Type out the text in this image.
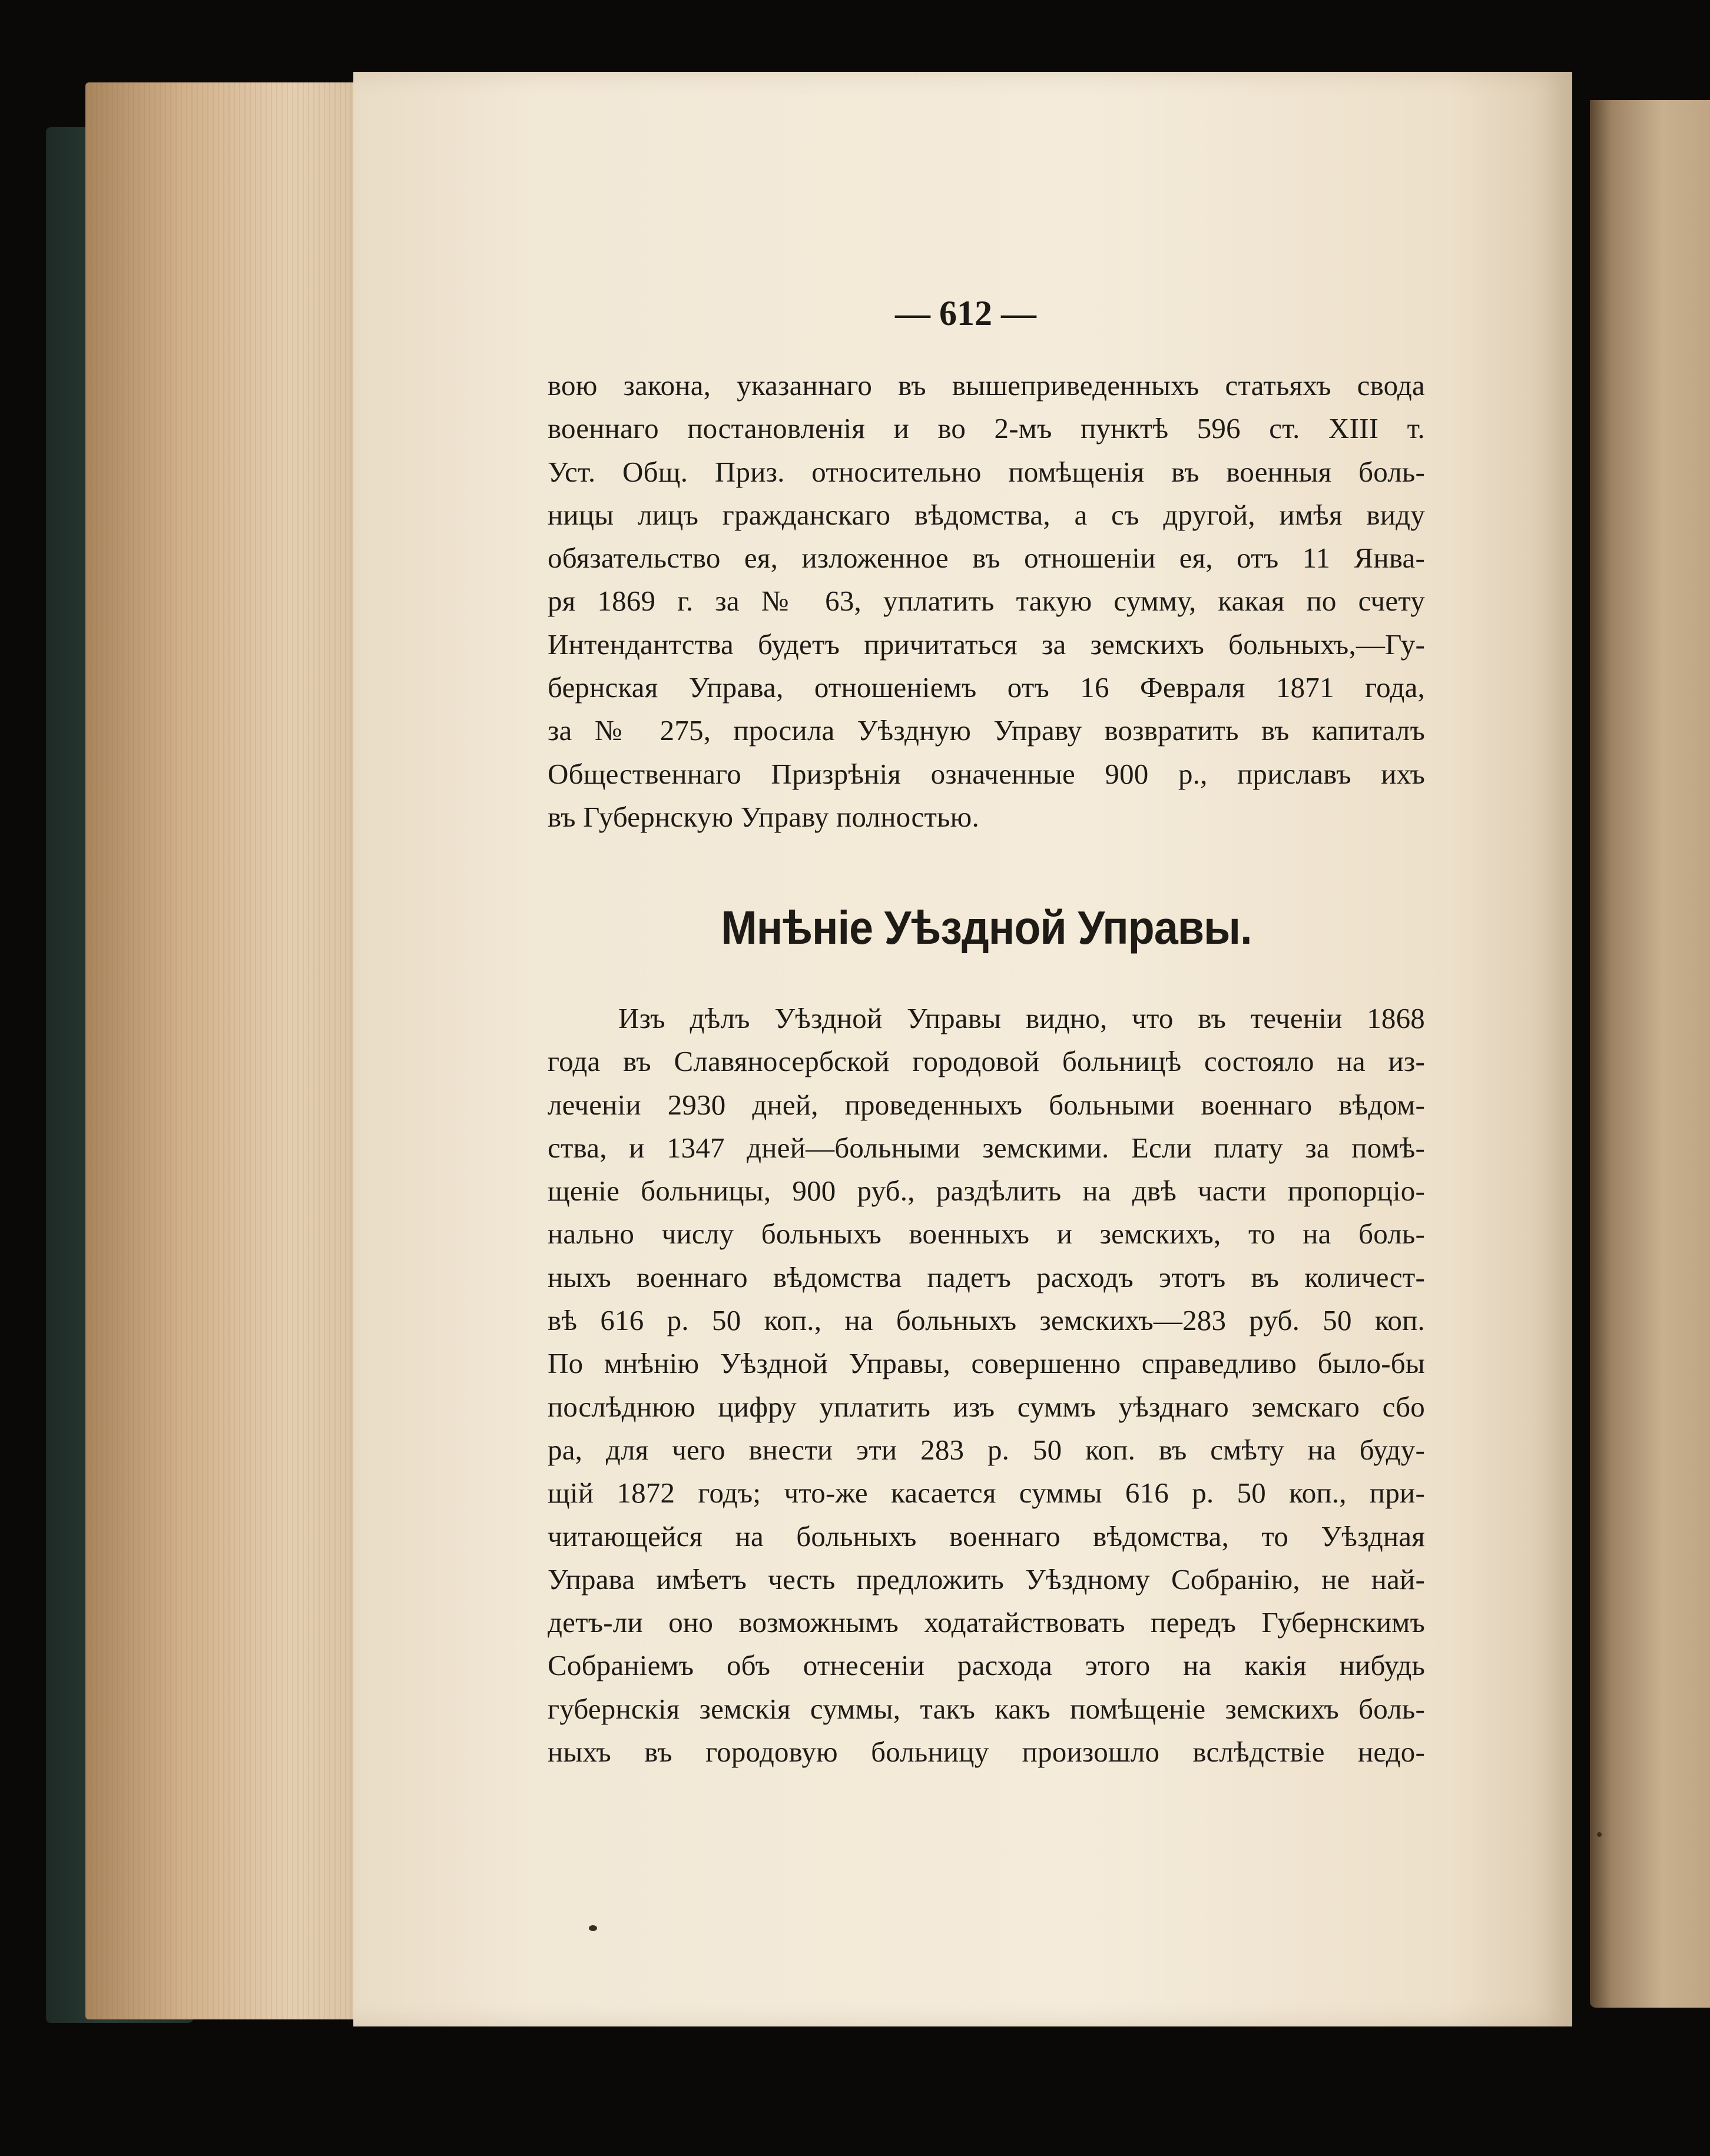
— 612 —
вою закона, указаннаго въ вышеприведенныхъ статьяхъ свода
военнаго постановленія и во 2-мъ пунктѣ 596 ст. XIII т.
Уст. Общ. Приз. относительно помѣщенія въ военныя боль-
ницы лицъ гражданскаго вѣдомства, а съ другой, имѣя виду
обязательство ея, изложенное въ отношеніи ея, отъ 11 Янва-
ря 1869 г. за № 63, уплатить такую сумму, какая по счету
Интендантства будетъ причитаться за земскихъ больныхъ,—Гу-
бернская Управа, отношеніемъ отъ 16 Февраля 1871 года,
за № 275, просила Уѣздную Управу возвратить въ капиталъ
Общественнаго Призрѣнія означенные 900 р., приславъ ихъ
въ Губернскую Управу полностью.
Мнѣніе Уѣздной Управы.
Изъ дѣлъ Уѣздной Управы видно, что въ теченіи 1868
года въ Славяносербской городовой больницѣ состояло на из-
леченіи 2930 дней, проведенныхъ больными военнаго вѣдом-
ства, и 1347 дней—больными земскими. Если плату за помѣ-
щеніе больницы, 900 руб., раздѣлить на двѣ части пропорціо-
нально числу больныхъ военныхъ и земскихъ, то на боль-
ныхъ военнаго вѣдомства падетъ расходъ этотъ въ количест-
вѣ 616 р. 50 коп., на больныхъ земскихъ—283 руб. 50 коп.
По мнѣнію Уѣздной Управы, совершенно справедливо было-бы
послѣднюю цифру уплатить изъ суммъ уѣзднаго земскаго сбо
ра, для чего внести эти 283 р. 50 коп. въ смѣту на буду-
щій 1872 годъ; что-же касается суммы 616 р. 50 коп., при-
читающейся на больныхъ военнаго вѣдомства, то Уѣздная
Управа имѣетъ честь предложить Уѣздному Собранію, не най-
детъ-ли оно возможнымъ ходатайствовать передъ Губернскимъ
Собраніемъ объ отнесеніи расхода этого на какія нибудь
губернскія земскія суммы, такъ какъ помѣщеніе земскихъ боль-
ныхъ въ городовую больницу произошло вслѣдствіе недо-
